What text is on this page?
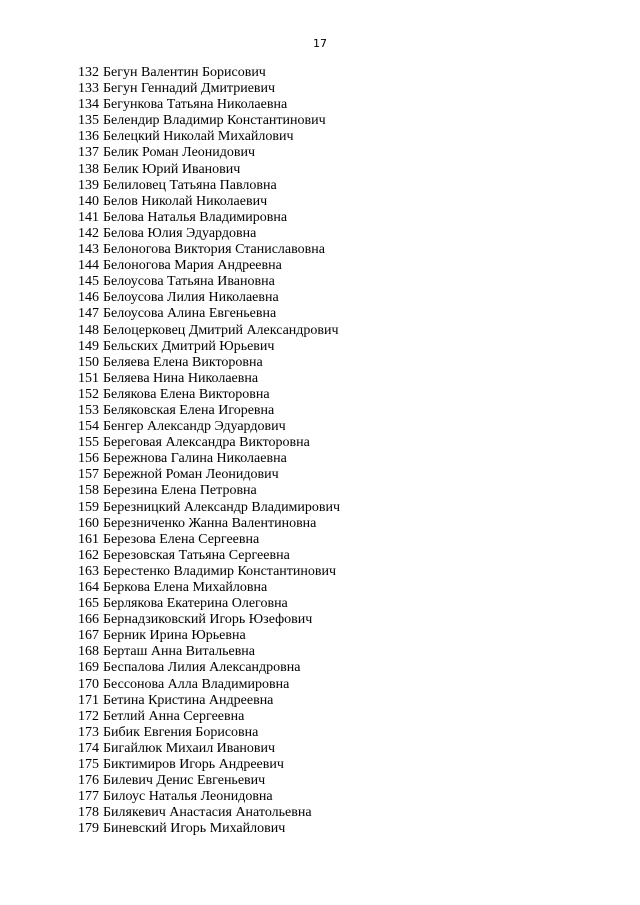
17
132 Бегун Валентин Борисович
133 Бегун Геннадий Дмитриевич
134 Бегункова Татьяна Николаевна
135 Белендир Владимир Константинович
136 Белецкий Николай Михайлович
137 Белик Роман Леонидович
138 Белик Юрий Иванович
139 Белиловец Татьяна Павловна
140 Белов Николай Николаевич
141 Белова Наталья Владимировна
142 Белова Юлия Эдуардовна
143 Белоногова Виктория Станиславовна
144 Белоногова Мария Андреевна
145 Белоусова Татьяна Ивановна
146 Белоусова Лилия Николаевна
147 Белоусова Алина Евгеньевна
148 Белоцерковец Дмитрий Александрович
149 Бельских Дмитрий Юрьевич
150 Беляева Елена Викторовна
151 Беляева Нина Николаевна
152 Белякова Елена Викторовна
153 Беляковская Елена Игоревна
154 Бенгер Александр Эдуардович
155 Береговая Александра Викторовна
156 Бережнова Галина Николаевна
157 Бережной Роман Леонидович
158 Березина Елена Петровна
159 Березницкий Александр Владимирович
160 Березниченко Жанна Валентиновна
161 Березова Елена Сергеевна
162 Березовская Татьяна Сергеевна
163 Берестенко Владимир Константинович
164 Беркова Елена Михайловна
165 Берлякова Екатерина Олеговна
166 Бернадзиковский Игорь Юзефович
167 Берник Ирина Юрьевна
168 Берташ Анна Витальевна
169 Беспалова Лилия Александровна
170 Бессонова Алла Владимировна
171 Бетина Кристина Андреевна
172 Бетлий Анна Сергеевна
173 Бибик Евгения Борисовна
174 Бигайлюк Михаил Иванович
175 Биктимиров Игорь Андреевич
176 Билевич Денис Евгеньевич
177 Билоус Наталья Леонидовна
178 Билякевич Анастасия Анатольевна
179 Биневский Игорь Михайлович
